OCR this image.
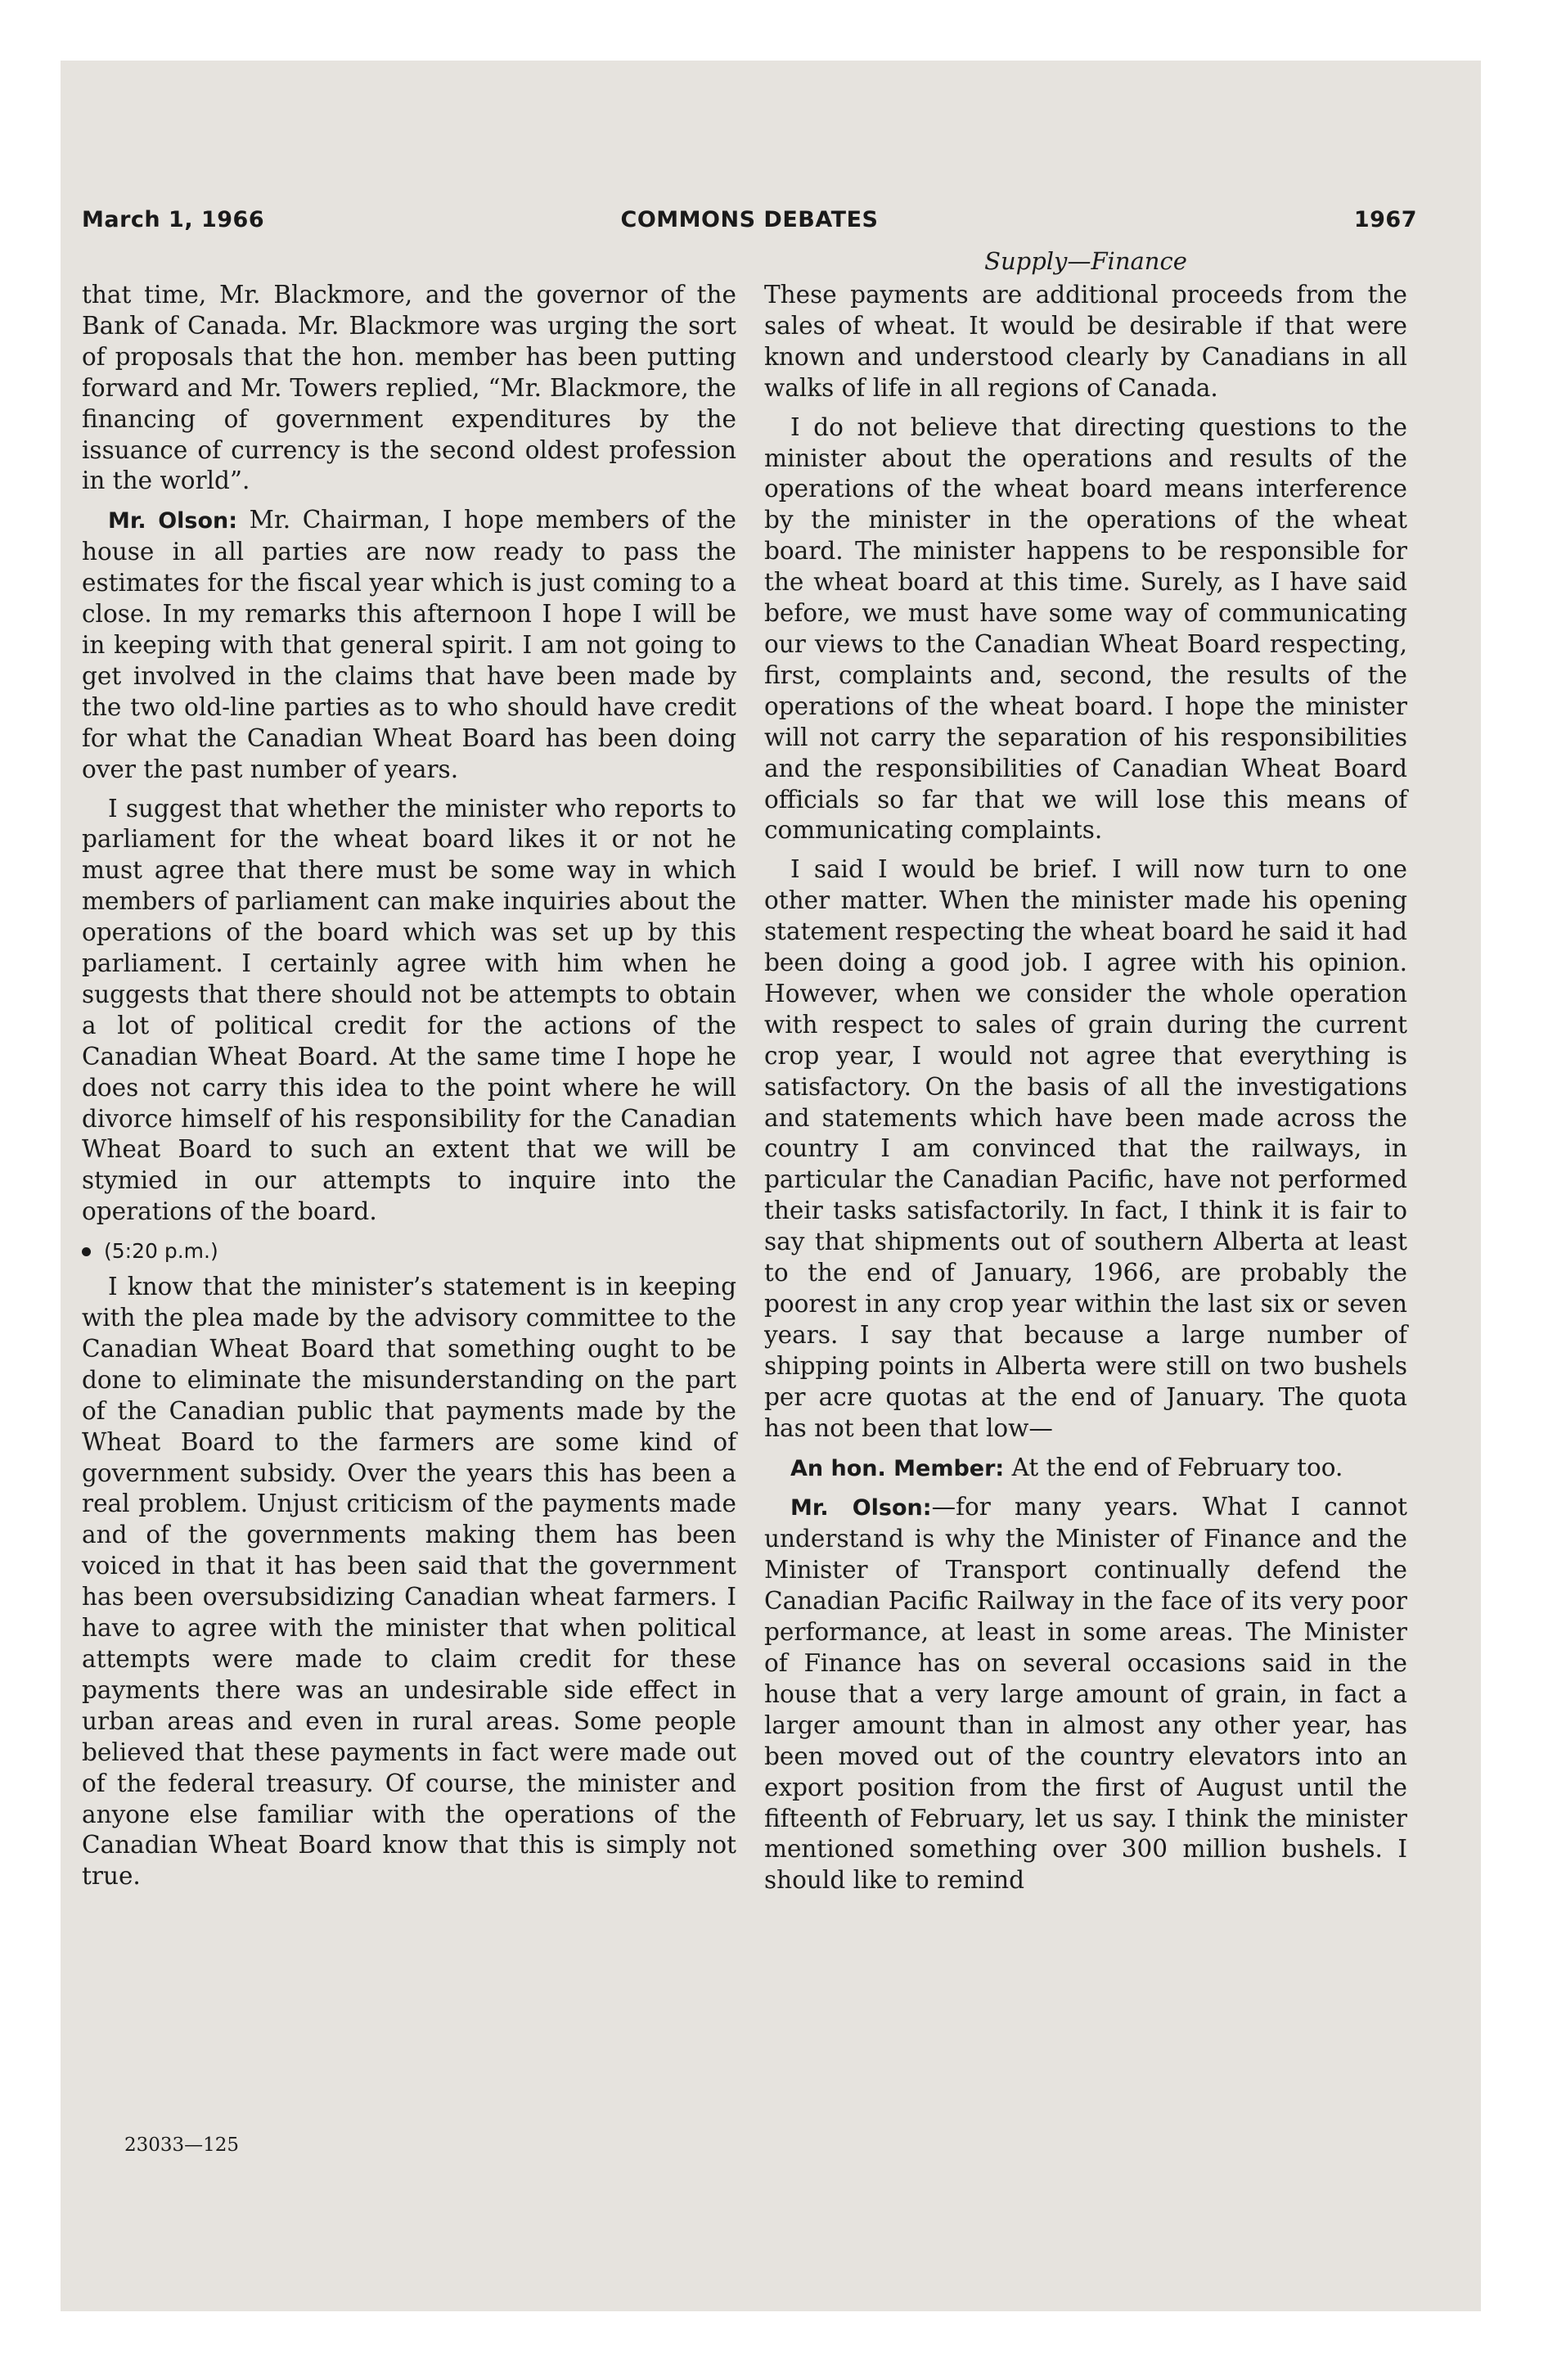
March 1, 1966	COMMONS DEBATES	1967
Supply—Finance

that time, Mr. Blackmore, and the governor of the Bank of Canada. Mr. Blackmore was urging the sort of proposals that the hon. member has been putting forward and Mr. Towers replied, “Mr. Blackmore, the financing of government expenditures by the issuance of currency is the second oldest profession in the world”.

Mr. Olson: Mr. Chairman, I hope members of the house in all parties are now ready to pass the estimates for the fiscal year which is just coming to a close. In my remarks this afternoon I hope I will be in keeping with that general spirit. I am not going to get involved in the claims that have been made by the two old-line parties as to who should have credit for what the Canadian Wheat Board has been doing over the past number of years.

I suggest that whether the minister who reports to parliament for the wheat board likes it or not he must agree that there must be some way in which members of parliament can make inquiries about the operations of the board which was set up by this parliament. I certainly agree with him when he suggests that there should not be attempts to obtain a lot of political credit for the actions of the Canadian Wheat Board. At the same time I hope he does not carry this idea to the point where he will divorce himself of his responsibility for the Canadian Wheat Board to such an extent that we will be stymied in our attempts to inquire into the operations of the board.

(5:20 p.m.)

I know that the minister’s statement is in keeping with the plea made by the advisory committee to the Canadian Wheat Board that something ought to be done to eliminate the misunderstanding on the part of the Canadian public that payments made by the Wheat Board to the farmers are some kind of government subsidy. Over the years this has been a real problem. Unjust criticism of the payments made and of the governments making them has been voiced in that it has been said that the government has been oversubsidizing Canadian wheat farmers. I have to agree with the minister that when political attempts were made to claim credit for these payments there was an undesirable side effect in urban areas and even in rural areas. Some people believed that these payments in fact were made out of the federal treasury. Of course, the minister and anyone else familiar with the operations of the Canadian Wheat Board know that this is simply not true.

23033—125

These payments are additional proceeds from the sales of wheat. It would be desirable if that were known and understood clearly by Canadians in all walks of life in all regions of Canada.

I do not believe that directing questions to the minister about the operations and results of the operations of the wheat board means interference by the minister in the operations of the wheat board. The minister happens to be responsible for the wheat board at this time. Surely, as I have said before, we must have some way of communicating our views to the Canadian Wheat Board respecting, first, complaints and, second, the results of the operations of the wheat board. I hope the minister will not carry the separation of his responsibilities and the responsibilities of Canadian Wheat Board officials so far that we will lose this means of communicating complaints.

I said I would be brief. I will now turn to one other matter. When the minister made his opening statement respecting the wheat board he said it had been doing a good job. I agree with his opinion. However, when we consider the whole operation with respect to sales of grain during the current crop year, I would not agree that everything is satisfactory. On the basis of all the investigations and statements which have been made across the country I am convinced that the railways, in particular the Canadian Pacific, have not performed their tasks satisfactorily. In fact, I think it is fair to say that shipments out of southern Alberta at least to the end of January, 1966, are probably the poorest in any crop year within the last six or seven years. I say that because a large number of shipping points in Alberta were still on two bushels per acre quotas at the end of January. The quota has not been that low—

An hon. Member: At the end of February too.

Mr. Olson:—for many years. What I cannot understand is why the Minister of Finance and the Minister of Transport continually defend the Canadian Pacific Railway in the face of its very poor performance, at least in some areas. The Minister of Finance has on several occasions said in the house that a very large amount of grain, in fact a larger amount than in almost any other year, has been moved out of the country elevators into an export position from the first of August until the fifteenth of February, let us say. I think the minister mentioned something over 300 million bushels. I should like to remind
